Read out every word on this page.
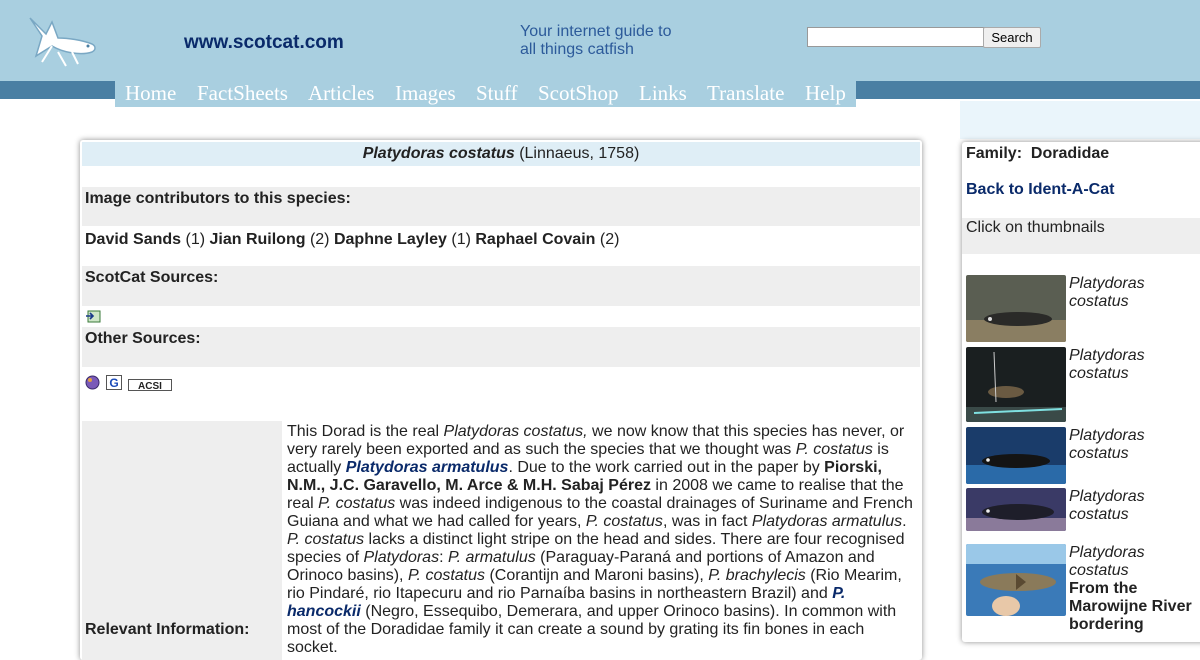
www.scotcat.com
Your internet guide to
all things catfish
Search
Home FactSheets Articles Images Stuff ScotShop Links Translate Help
Platydoras costatus (Linnaeus, 1758)
Image contributors to this species:
David Sands (1) Jian Ruilong (2) Daphne Layley (1) Raphael Covain (2)
ScotCat Sources:
Other Sources:
G ACSI
Relevant Information:
This Dorad is the real Platydoras costatus, we now know that this species has never, or very rarely been exported and as such the species that we thought was P. costatus is actually Platydoras armatulus. Due to the work carried out in the paper by Piorski, N.M., J.C. Garavello, M. Arce & M.H. Sabaj Pérez in 2008 we came to realise that the real P. costatus was indeed indigenous to the coastal drainages of Suriname and French Guiana and what we had called for years, P. costatus, was in fact Platydoras armatulus. P. costatus lacks a distinct light stripe on the head and sides. There are four recognised species of Platydoras: P. armatulus (Paraguay-Paraná and portions of Amazon and Orinoco basins), P. costatus (Corantijn and Maroni basins), P. brachylecis (Rio Mearim, rio Pindaré, rio Itapecuru and rio Parnaíba basins in northeastern Brazil) and P. hancockii (Negro, Essequibo, Demerara, and upper Orinoco basins). In common with most of the Doradidae family it can create a sound by grating its fin bones in each socket.
Family: Doradidae
Back to Ident-A-Cat
Click on thumbnails
Platydoras
costatus
Platydoras
costatus
Platydoras
costatus
Platydoras
costatus
Platydoras
costatus
From the Marowijne River bordering
